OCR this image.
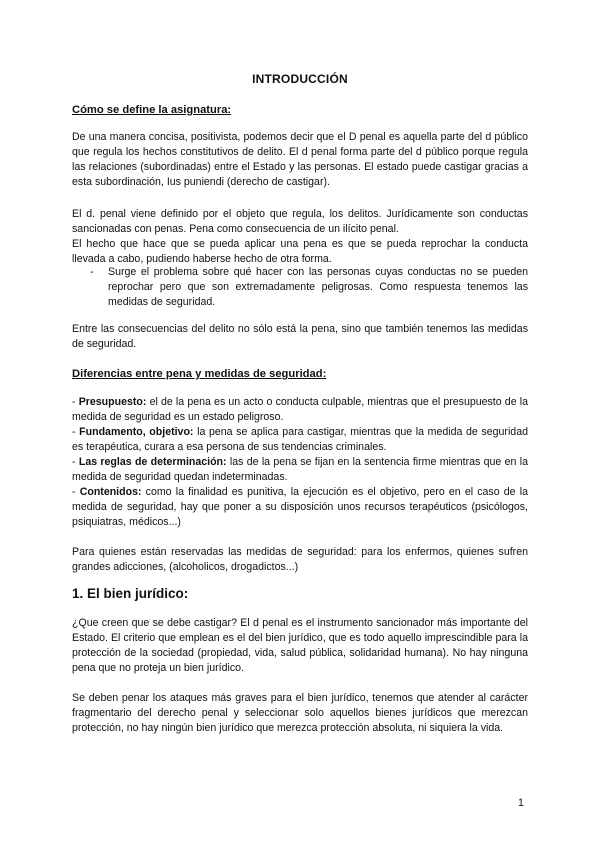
INTRODUCCIÓN
Cómo se define la asignatura:
De una manera concisa, positivista, podemos decir que el D penal es aquella parte del d público que regula los hechos constitutivos de delito. El d penal forma parte del d público porque regula las relaciones (subordinadas) entre el Estado y las personas. El estado puede castigar gracias a esta subordinación, Ius puniendi (derecho de castigar).
El d. penal viene definido por el objeto que regula, los delitos. Jurídicamente son conductas sancionadas con penas. Pena como consecuencia de un ilícito penal.
El hecho que hace que se pueda aplicar una pena es que se pueda reprochar la conducta llevada a cabo, pudiendo haberse hecho de otra forma.
- Surge el problema sobre qué hacer con las personas cuyas conductas no se pueden reprochar pero que son extremadamente peligrosas. Como respuesta tenemos las medidas de seguridad.
Entre las consecuencias del delito no sólo está la pena, sino que también tenemos las medidas de seguridad.
Diferencias entre pena y medidas de seguridad:

- Presupuesto: el de la pena es un acto o conducta culpable, mientras que el presupuesto de la medida de seguridad es un estado peligroso.

- Fundamento, objetivo: la pena se aplica para castigar, mientras que la medida de seguridad es terapéutica, curara a esa persona de sus tendencias criminales.

- Las reglas de determinación: las de la pena se fijan en la sentencia firme mientras que en la medida de seguridad quedan indeterminadas.

- Contenidos: como la finalidad es punitiva, la ejecución es el objetivo, pero en el caso de la medida de seguridad, hay que poner a su disposición unos recursos terapéuticos (psicólogos, psiquiatras, médicos...)

Para quienes están reservadas las medidas de seguridad: para los enfermos, quienes sufren grandes adicciones, (alcoholicos, drogadictos...)
1. El bien jurídico:
¿Que creen que se debe castigar? El d penal es el instrumento sancionador más importante del Estado. El criterio que emplean es el del bien jurídico, que es todo aquello imprescindible para la protección de la sociedad (propiedad, vida, salud pública, solidaridad humana). No hay ninguna pena que no proteja un bien jurídico.
Se deben penar los ataques más graves para el bien jurídico, tenemos que atender al carácter fragmentario del derecho penal y seleccionar solo aquellos bienes jurídicos que merezcan protección, no hay ningún bien jurídico que merezca protección absoluta, ni siquiera la vida.
1
